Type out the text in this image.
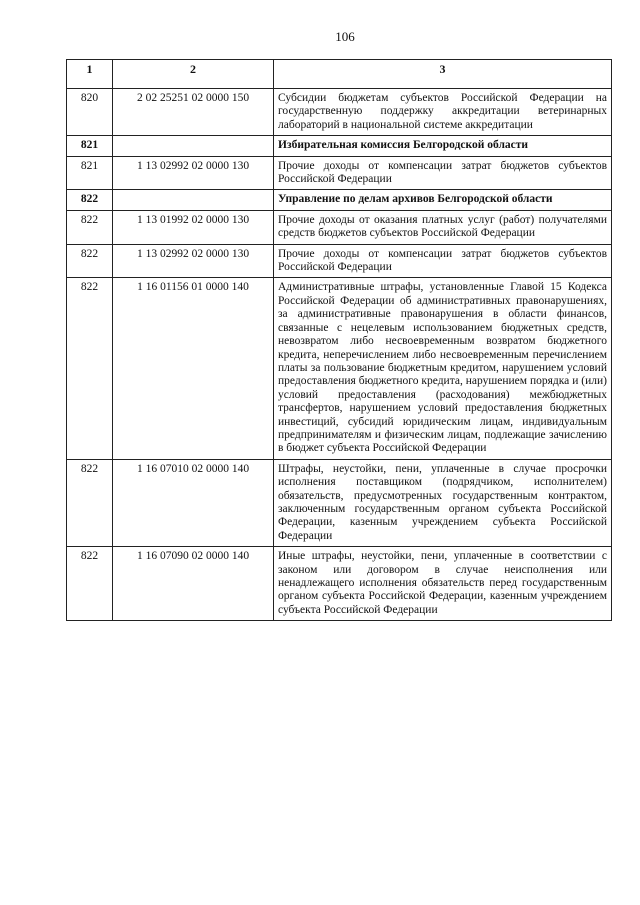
106
1	2	3
820	2 02 25251 02 0000 150	Субсидии бюджетам субъектов Российской Федерации на государственную поддержку аккредитации ветеринарных лабораторий в национальной системе аккредитации
821		Избирательная комиссия Белгородской области
821	1 13 02992 02 0000 130	Прочие доходы от компенсации затрат бюджетов субъектов Российской Федерации
822		Управление по делам архивов Белгородской области
822	1 13 01992 02 0000 130	Прочие доходы от оказания платных услуг (работ) получателями средств бюджетов субъектов Российской Федерации
822	1 13 02992 02 0000 130	Прочие доходы от компенсации затрат бюджетов субъектов Российской Федерации
822	1 16 01156 01 0000 140	Административные штрафы, установленные Главой 15 Кодекса Российской Федерации об административных правонарушениях, за административные правонарушения в области финансов, связанные с нецелевым использованием бюджетных средств, невозвратом либо несвоевременным возвратом бюджетного кредита, неперечислением либо несвоевременным перечислением платы за пользование бюджетным кредитом, нарушением условий предоставления бюджетного кредита, нарушением порядка и (или) условий предоставления (расходования) межбюджетных трансфертов, нарушением условий предоставления бюджетных инвестиций, субсидий юридическим лицам, индивидуальным предпринимателям и физическим лицам, подлежащие зачислению в бюджет субъекта Российской Федерации
822	1 16 07010 02 0000 140	Штрафы, неустойки, пени, уплаченные в случае просрочки исполнения поставщиком (подрядчиком, исполнителем) обязательств, предусмотренных государственным контрактом, заключенным государственным органом субъекта Российской Федерации, казенным учреждением субъекта Российской Федерации
822	1 16 07090 02 0000 140	Иные штрафы, неустойки, пени, уплаченные в соответствии с законом или договором в случае неисполнения или ненадлежащего исполнения обязательств перед государственным органом субъекта Российской Федерации, казенным учреждением субъекта Российской Федерации
